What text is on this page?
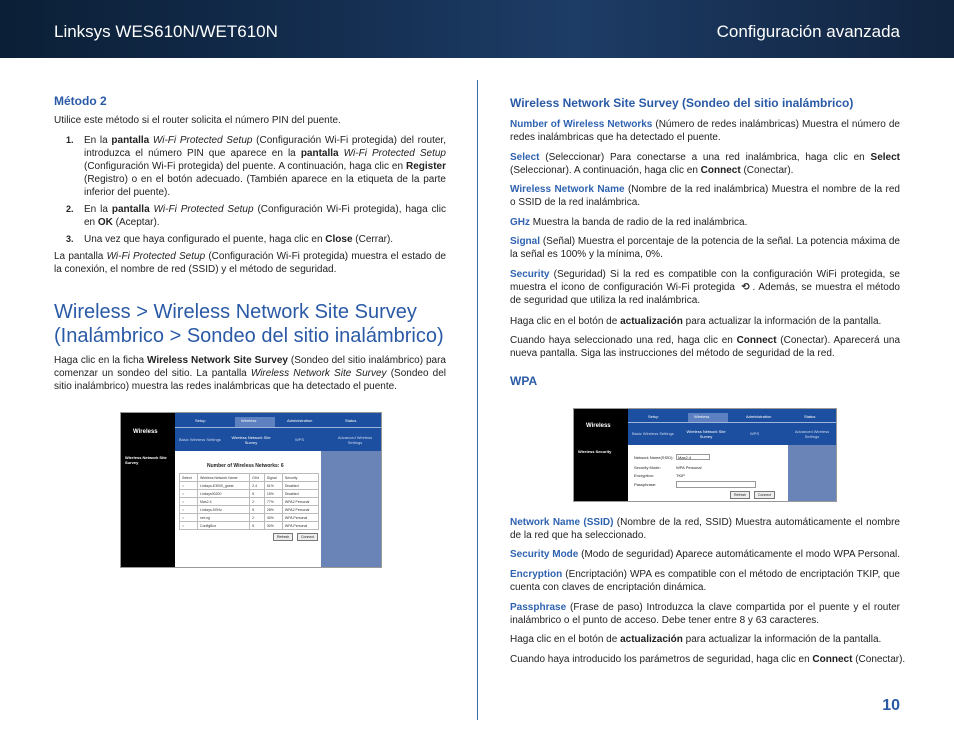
Linksys WES610N/WET610N	Configuración avanzada
Método 2

Utilice este método si el router solicita el número PIN del puente.

1. En la pantalla Wi-Fi Protected Setup (Configuración Wi-Fi protegida) del router, introduzca el número PIN que aparece en la pantalla Wi-Fi Protected Setup (Configuración Wi-Fi protegida) del puente. A continuación, haga clic en Register (Registro) o en el botón adecuado. (También aparece en la etiqueta de la parte inferior del puente).
2. En la pantalla Wi-Fi Protected Setup (Configuración Wi-Fi protegida), haga clic en OK (Aceptar).
3. Una vez que haya configurado el puente, haga clic en Close (Cerrar).

La pantalla Wi-Fi Protected Setup (Configuración Wi-Fi protegida) muestra el estado de la conexión, el nombre de red (SSID) y el método de seguridad.

Wireless > Wireless Network Site Survey
(Inalámbrico > Sondeo del sitio inalámbrico)

Haga clic en la ficha Wireless Network Site Survey (Sondeo del sitio inalámbrico) para comenzar un sondeo del sitio. La pantalla Wireless Network Site Survey (Sondeo del sitio inalámbrico) muestra las redes inalámbricas que ha detectado el puente.

Wireless
Setup	Wireless	Administration	Status
Basic Wireless Settings	Wireless Network Site Survey
WPS	Advanced Wireless Settings
Wireless Network Site Survey
Number of Wireless Networks: 6
Select	Wireless Network Name	GHz	Signal	Security
○	Linksys-E3000_guest	2.4	61%	Disabled
○	Linksys00200	5	15%	Disabled
○	Max2.4	2	77%	WPA2 Personal
○	Linksys-5GHz	5	28%	WPA2 Personal
○	net-ng	2	40%	WPA Personal
○	ConfigBox	5	30%	WPA Personal
Refresh	Connect
Wireless Network Site Survey (Sondeo del sitio inalámbrico)

Number of Wireless Networks (Número de redes inalámbricas) Muestra el número de redes inalámbricas que ha detectado el puente.

Select (Seleccionar) Para conectarse a una red inalámbrica, haga clic en Select (Seleccionar). A continuación, haga clic en Connect (Conectar).

Wireless Network Name (Nombre de la red inalámbrica) Muestra el nombre de la red o SSID de la red inalámbrica.

GHz Muestra la banda de radio de la red inalámbrica.

Signal (Señal) Muestra el porcentaje de la potencia de la señal. La potencia máxima de la señal es 100% y la mínima, 0%.

Security (Seguridad) Si la red es compatible con la configuración WiFi protegida, se muestra el icono de configuración Wi-Fi protegida ⟲ . Además, se muestra el método de seguridad que utiliza la red inalámbrica.

Haga clic en el botón de actualización para actualizar la información de la pantalla.

Cuando haya seleccionado una red, haga clic en Connect (Conectar). Aparecerá una nueva pantalla. Siga las instrucciones del método de seguridad de la red.

WPA

Network Name (SSID) (Nombre de la red, SSID) Muestra automáticamente el nombre de la red que ha seleccionado.

Security Mode (Modo de seguridad) Aparece automáticamente el modo WPA Personal.

Encryption (Encriptación) WPA es compatible con el método de encriptación TKIP, que cuenta con claves de encriptación dinámica.

Passphrase (Frase de paso) Introduzca la clave compartida por el puente y el router inalámbrico o el punto de acceso. Debe tener entre 8 y 63 caracteres.

Haga clic en el botón de actualización para actualizar la información de la pantalla.

Cuando haya introducido los parámetros de seguridad, haga clic en Connect (Conectar).

Wireless
Setup	Wireless	Administration	Status
Basic Wireless Settings	Wireless Network Site Survey
WPS	Advanced Wireless Settings
Wireless Security
Network Name(SSID):	Max2.4
Security Mode:	WPA Personal
Encryption:	TKIP
Passphrase:
Refresh	Connect
10
